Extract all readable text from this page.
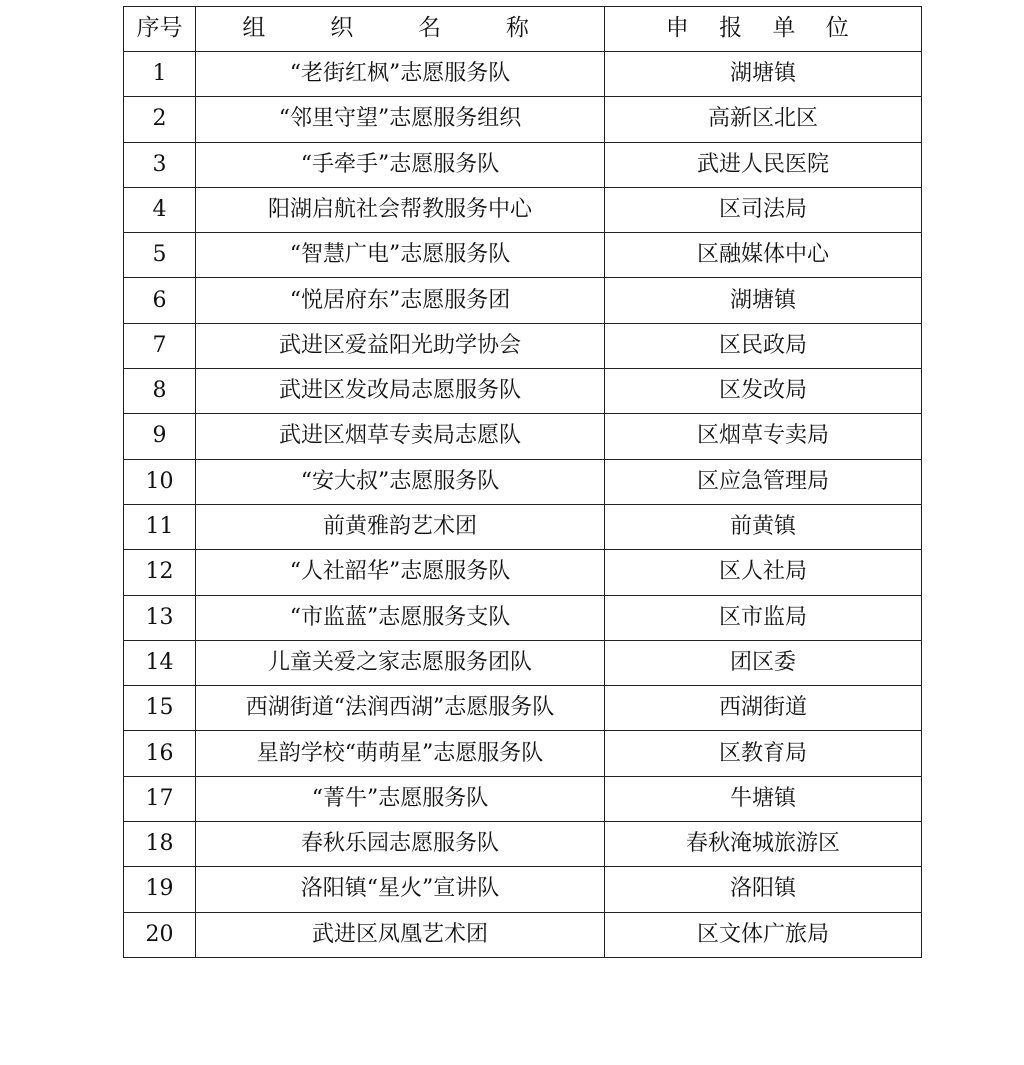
序号	组 织 名 称	申 报 单 位
1	“老街红枫”志愿服务队	湖塘镇
2	“邻里守望”志愿服务组织	高新区北区
3	“手牵手”志愿服务队	武进人民医院
4	阳湖启航社会帮教服务中心	区司法局
5	“智慧广电”志愿服务队	区融媒体中心
6	“悦居府东”志愿服务团	湖塘镇
7	武进区爱益阳光助学协会	区民政局
8	武进区发改局志愿服务队	区发改局
9	武进区烟草专卖局志愿队	区烟草专卖局
10	“安大叔”志愿服务队	区应急管理局
11	前黄雅韵艺术团	前黄镇
12	“人社韶华”志愿服务队	区人社局
13	“市监蓝”志愿服务支队	区市监局
14	儿童关爱之家志愿服务团队	团区委
15	西湖街道“法润西湖”志愿服务队	西湖街道
16	星韵学校“萌萌星”志愿服务队	区教育局
17	“菁牛”志愿服务队	牛塘镇
18	春秋乐园志愿服务队	春秋淹城旅游区
19	洛阳镇“星火”宣讲队	洛阳镇
20	武进区凤凰艺术团	区文体广旅局
